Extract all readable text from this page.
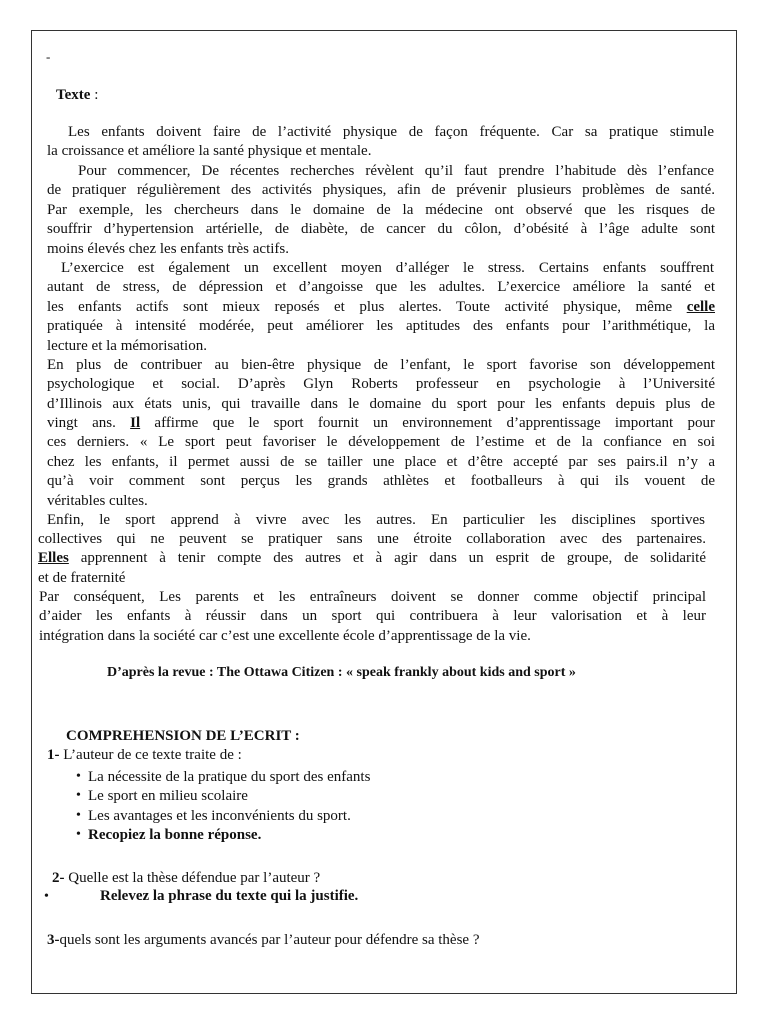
-
Texte :
Les enfants doivent faire de l’activité physique de façon fréquente. Car sa pratique stimule
la croissance et améliore la santé physique et mentale.
Pour commencer, De récentes recherches révèlent qu’il faut prendre l’habitude dès l’enfance
de pratiquer régulièrement des activités physiques, afin de prévenir plusieurs problèmes de santé.
Par exemple, les chercheurs dans le domaine de la médecine ont observé que les risques de
souffrir d’hypertension artérielle, de diabète, de cancer du côlon, d’obésité à l’âge adulte sont
moins élevés chez les enfants très actifs.
L’exercice est également un excellent moyen d’alléger le stress. Certains enfants souffrent
autant de stress, de dépression et d’angoisse que les adultes. L’exercice améliore la santé et
les enfants actifs sont mieux reposés et plus alertes. Toute activité physique, même celle
pratiquée à intensité modérée, peut améliorer les aptitudes des enfants pour l’arithmétique, la
lecture et la mémorisation.
En plus de contribuer au bien-être physique de l’enfant, le sport favorise son développement
psychologique et social. D’après Glyn Roberts professeur en psychologie à l’Université
d’Illinois aux états unis, qui travaille dans le domaine du sport pour les enfants depuis plus de
vingt ans. Il affirme que le sport fournit un environnement d’apprentissage important pour
ces derniers. « Le sport peut favoriser le développement de l’estime et de la confiance en soi
chez les enfants, il permet aussi de se tailler une place et d’être accepté par ses pairs.il n’y a
qu’à voir comment sont perçus les grands athlètes et footballeurs à qui ils vouent de
véritables cultes.
Enfin, le sport apprend à vivre avec les autres. En particulier les disciplines sportives
collectives qui ne peuvent se pratiquer sans une étroite collaboration avec des partenaires.
Elles apprennent à tenir compte des autres et à agir dans un esprit de groupe, de solidarité
et de fraternité
Par conséquent, Les parents et les entraîneurs doivent se donner comme objectif principal
d’aider les enfants à réussir dans un sport qui contribuera à leur valorisation et à leur
intégration dans la société car c’est une excellente école d’apprentissage de la vie.
D’après la revue : The Ottawa Citizen : « speak frankly about kids and sport »
COMPREHENSION DE L’ECRIT :
1- L’auteur de ce texte traite de :
• La nécessite de la pratique du sport des enfants
• Le sport en milieu scolaire
• Les avantages et les inconvénients du sport.
• Recopiez la bonne réponse.
2- Quelle est la thèse défendue par l’auteur ?
•	Relevez la phrase du texte qui la justifie.
3-quels sont les arguments avancés par l’auteur pour défendre sa thèse ?
